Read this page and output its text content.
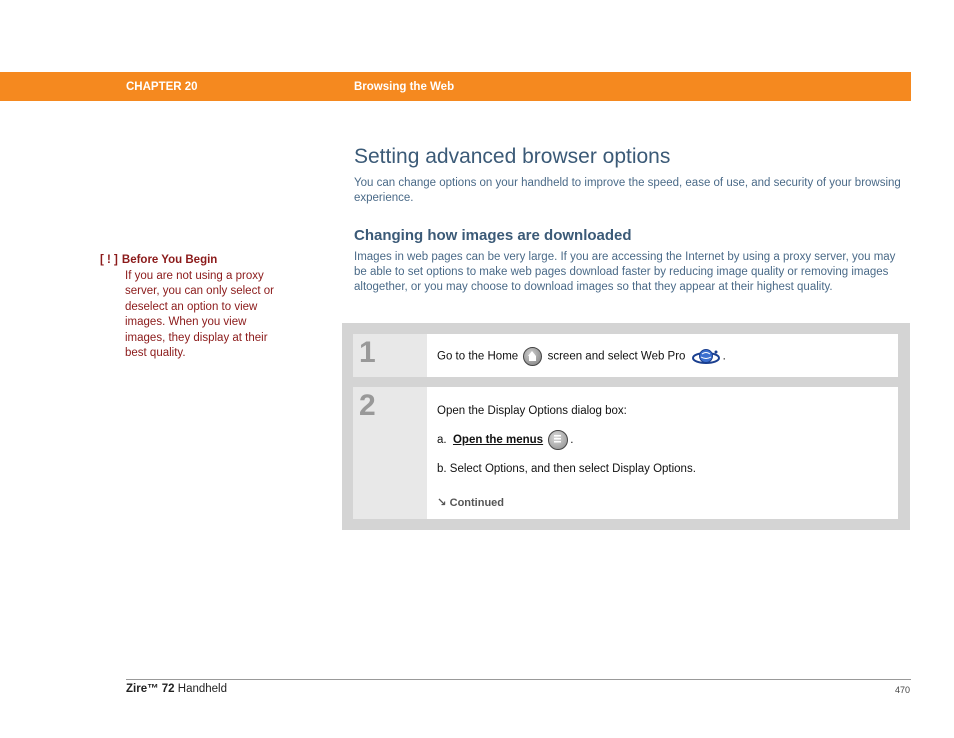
CHAPTER 20	Browsing the Web
[ ! ] Before You Begin
If you are not using a proxy server, you can only select or deselect an option to view images. When you view images, they display at their best quality.
Setting advanced browser options

You can change options on your handheld to improve the speed, ease of use, and security of your browsing experience.

Changing how images are downloaded

Images in web pages can be very large. If you are accessing the Internet by using a proxy server, you may be able to set options to make web pages download faster by reducing image quality or removing images altogether, or you may choose to download images so that they appear at their highest quality.

1	Go to the Home	screen and select Web Pro	.
2	Open the Display Options dialog box:
a. Open the menus .
b. Select Options, and then select Display Options.
↘ Continued
Zire™ 72 Handheld	470
